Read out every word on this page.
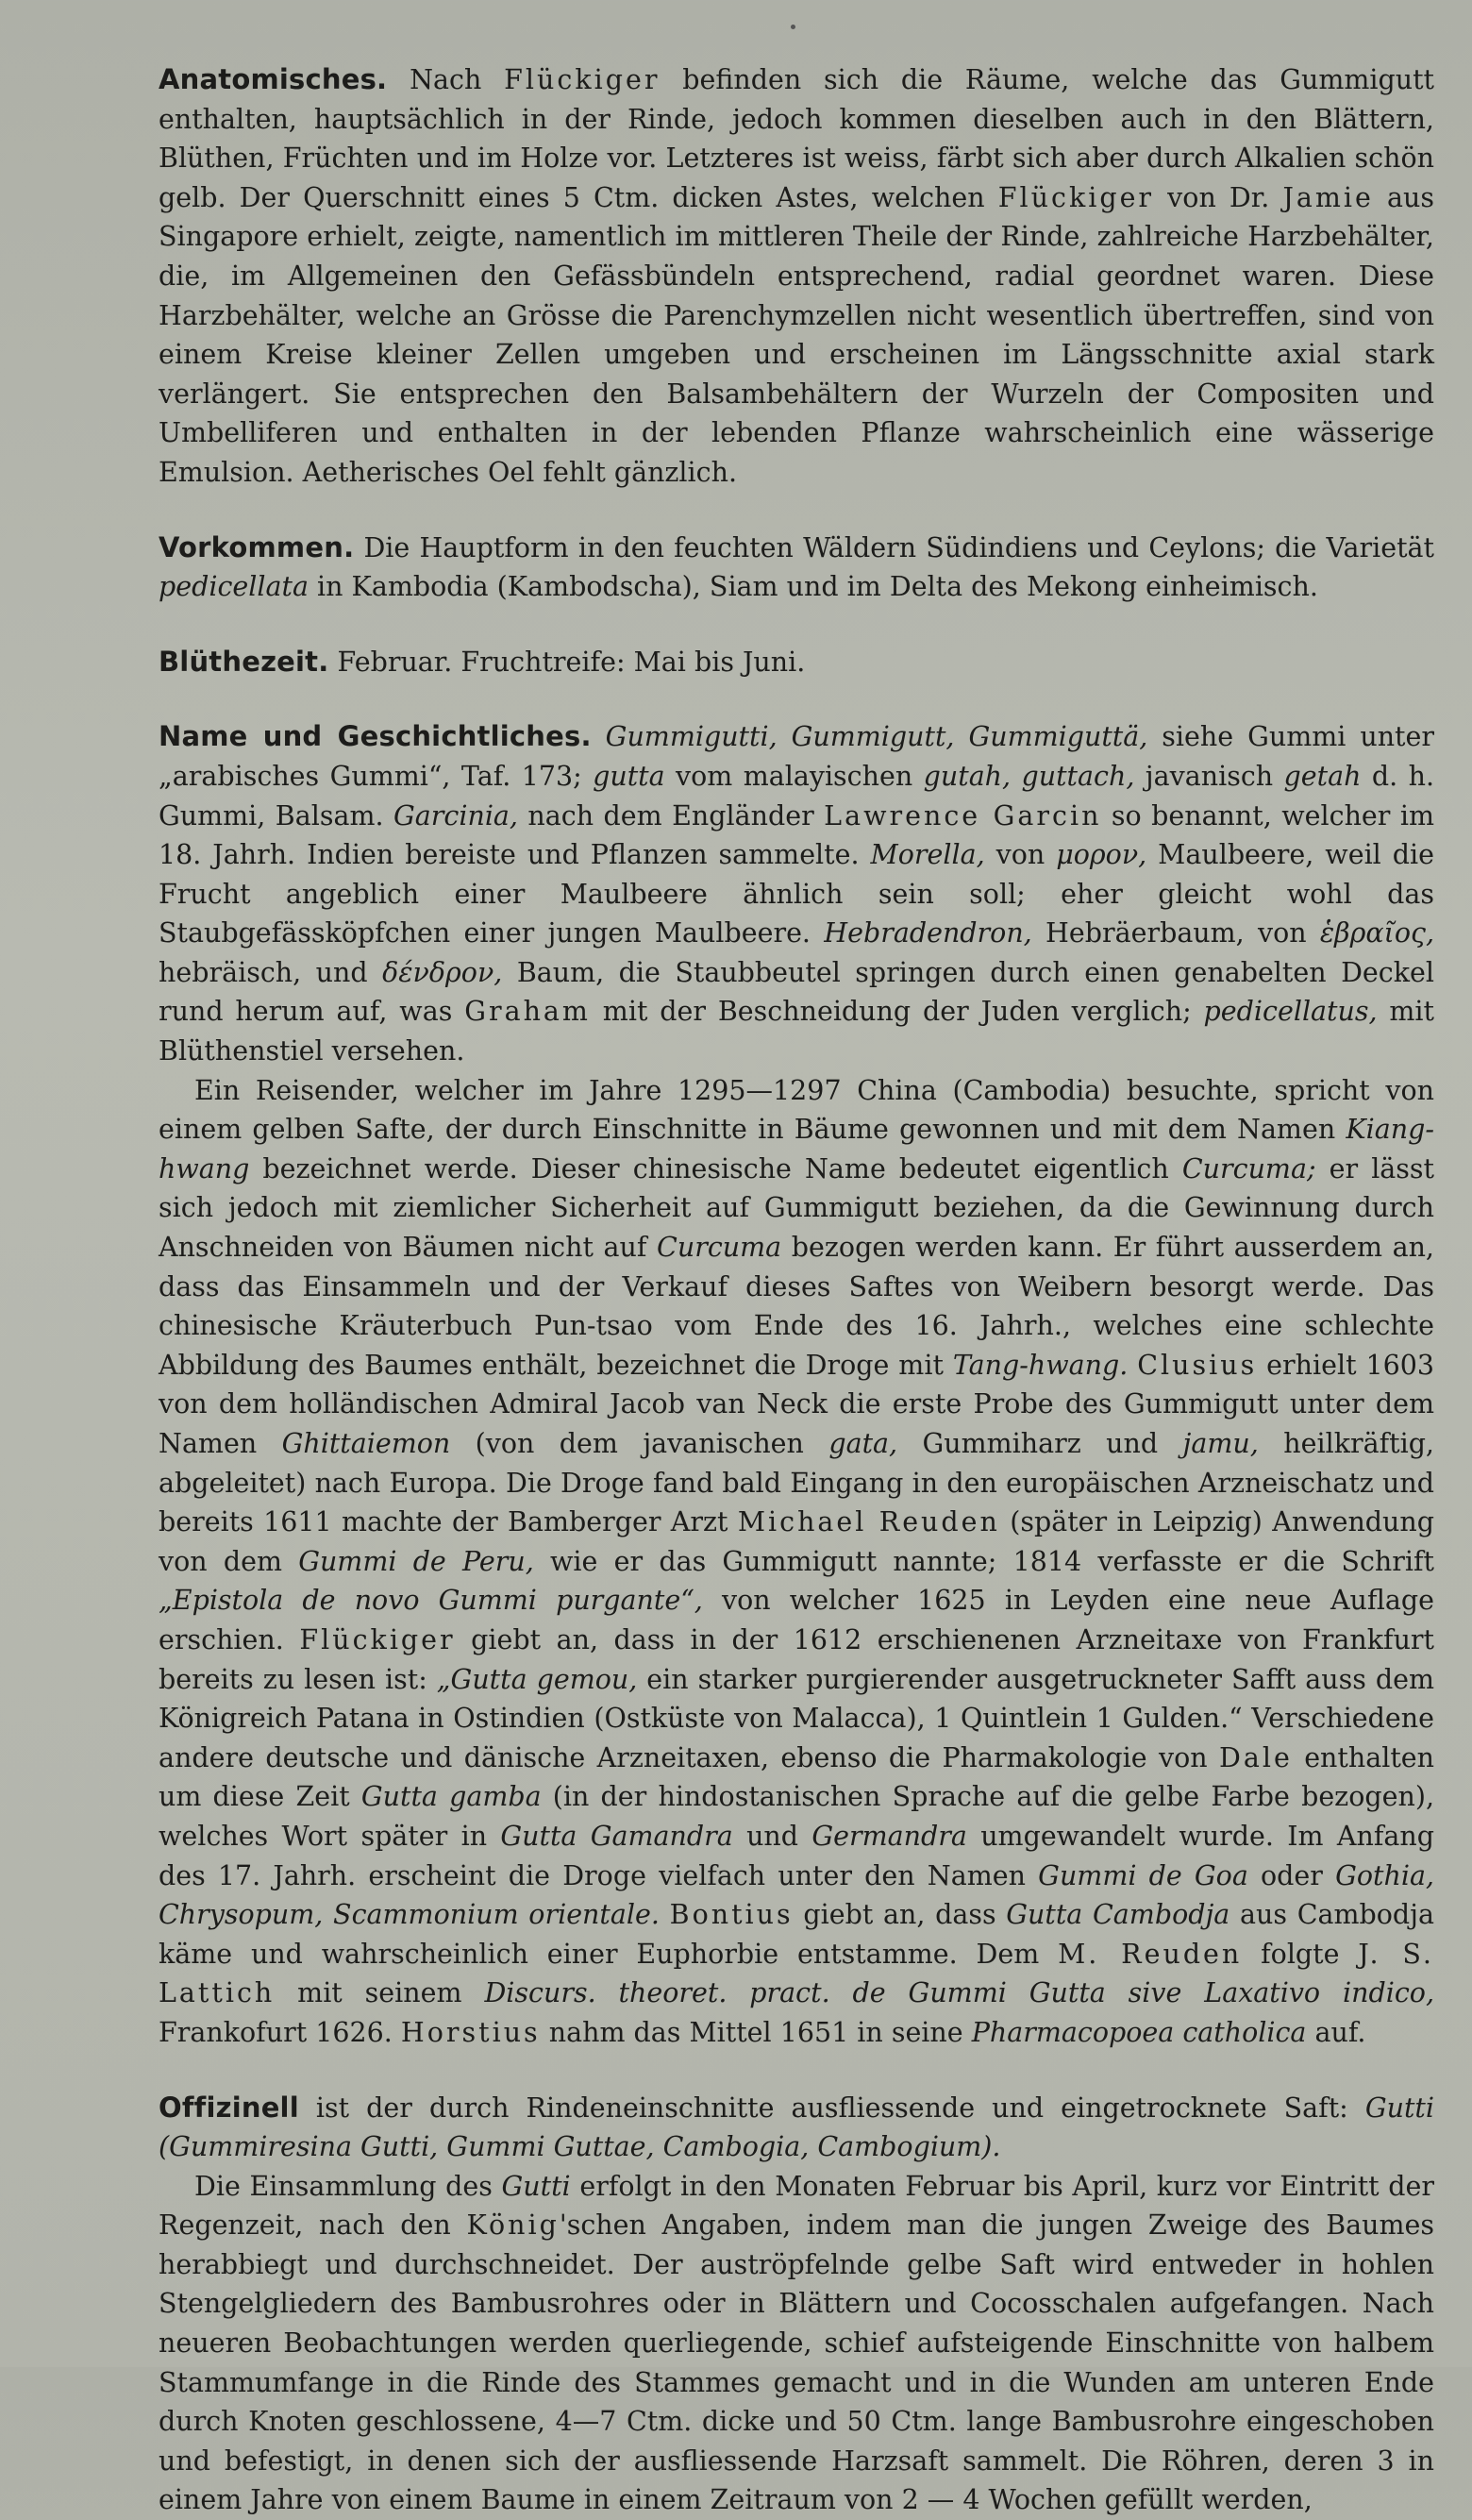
Anatomisches. Nach Flückiger befinden sich die Räume, welche das Gummigutt enthalten, hauptsächlich in der Rinde, jedoch kommen dieselben auch in den Blättern, Blüthen, Früchten und im Holze vor. Letzteres ist weiss, färbt sich aber durch Alkalien schön gelb. Der Querschnitt eines 5 Ctm. dicken Astes, welchen Flückiger von Dr. Jamie aus Singapore erhielt, zeigte, namentlich im mittleren Theile der Rinde, zahlreiche Harzbehälter, die, im Allgemeinen den Gefässbündeln entsprechend, radial geordnet waren. Diese Harzbehälter, welche an Grösse die Parenchymzellen nicht wesentlich übertreffen, sind von einem Kreise kleiner Zellen umgeben und erscheinen im Längsschnitte axial stark verlängert. Sie entsprechen den Balsambehältern der Wurzeln der Compositen und Umbelliferen und enthalten in der lebenden Pflanze wahrscheinlich eine wässerige Emulsion. Aetherisches Oel fehlt gänzlich.

Vorkommen. Die Hauptform in den feuchten Wäldern Südindiens und Ceylons; die Varietät pedicellata in Kambodia (Kambodscha), Siam und im Delta des Mekong einheimisch.

Blüthezeit. Februar. Fruchtreife: Mai bis Juni.

Name und Geschichtliches. Gummigutti, Gummigutt, Gummiguttä, siehe Gummi unter „arabisches Gummi“, Taf. 173; gutta vom malayischen gutah, guttach, javanisch getah d. h. Gummi, Balsam. Garcinia, nach dem Engländer Lawrence Garcin so benannt, welcher im 18. Jahrh. Indien bereiste und Pflanzen sammelte. Morella, von μορον, Maulbeere, weil die Frucht angeblich einer Maulbeere ähnlich sein soll; eher gleicht wohl das Staubgefässköpfchen einer jungen Maulbeere. Hebradendron, Hebräerbaum, von ἑβραῖος, hebräisch, und δένδρον, Baum, die Staubbeutel springen durch einen genabelten Deckel rund herum auf, was Graham mit der Beschneidung der Juden verglich; pedicellatus, mit Blüthenstiel versehen.

Ein Reisender, welcher im Jahre 1295—1297 China (Cambodia) besuchte, spricht von einem gelben Safte, der durch Einschnitte in Bäume gewonnen und mit dem Namen Kiang-hwang bezeichnet werde. Dieser chinesische Name bedeutet eigentlich Curcuma; er lässt sich jedoch mit ziemlicher Sicherheit auf Gummigutt beziehen, da die Gewinnung durch Anschneiden von Bäumen nicht auf Curcuma bezogen werden kann. Er führt ausserdem an, dass das Einsammeln und der Verkauf dieses Saftes von Weibern besorgt werde. Das chinesische Kräuterbuch Pun-tsao vom Ende des 16. Jahrh., welches eine schlechte Abbildung des Baumes enthält, bezeichnet die Droge mit Tang-hwang. Clusius erhielt 1603 von dem holländischen Admiral Jacob van Neck die erste Probe des Gummigutt unter dem Namen Ghittaiemon (von dem javanischen gata, Gummiharz und jamu, heilkräftig, abgeleitet) nach Europa. Die Droge fand bald Eingang in den europäischen Arzneischatz und bereits 1611 machte der Bamberger Arzt Michael Reuden (später in Leipzig) Anwendung von dem Gummi de Peru, wie er das Gummigutt nannte; 1814 verfasste er die Schrift „Epistola de novo Gummi purgante“, von welcher 1625 in Leyden eine neue Auflage erschien. Flückiger giebt an, dass in der 1612 erschienenen Arzneitaxe von Frankfurt bereits zu lesen ist: „Gutta gemou, ein starker purgierender ausgetruckneter Safft auss dem Königreich Patana in Ostindien (Ostküste von Malacca), 1 Quintlein 1 Gulden.“ Verschiedene andere deutsche und dänische Arzneitaxen, ebenso die Pharmakologie von Dale enthalten um diese Zeit Gutta gamba (in der hindostanischen Sprache auf die gelbe Farbe bezogen), welches Wort später in Gutta Gamandra und Germandra umgewandelt wurde. Im Anfang des 17. Jahrh. erscheint die Droge vielfach unter den Namen Gummi de Goa oder Gothia, Chrysopum, Scammonium orientale. Bontius giebt an, dass Gutta Cambodja aus Cambodja käme und wahrscheinlich einer Euphorbie entstamme. Dem M. Reuden folgte J. S. Lattich mit seinem Discurs. theoret. pract. de Gummi Gutta sive Laxativo indico, Frankofurt 1626. Horstius nahm das Mittel 1651 in seine Pharmacopoea catholica auf.

Offizinell ist der durch Rindeneinschnitte ausfliessende und eingetrocknete Saft: Gutti (Gummiresina Gutti, Gummi Guttae, Cambogia, Cambogium).

Die Einsammlung des Gutti erfolgt in den Monaten Februar bis April, kurz vor Eintritt der Regenzeit, nach den König'schen Angaben, indem man die jungen Zweige des Baumes herabbiegt und durchschneidet. Der auströpfelnde gelbe Saft wird entweder in hohlen Stengelgliedern des Bambusrohres oder in Blättern und Cocosschalen aufgefangen. Nach neueren Beobachtungen werden querliegende, schief aufsteigende Einschnitte von halbem Stammumfange in die Rinde des Stammes gemacht und in die Wunden am unteren Ende durch Knoten geschlossene, 4—7 Ctm. dicke und 50 Ctm. lange Bambusrohre eingeschoben und befestigt, in denen sich der ausfliessende Harzsaft sammelt. Die Röhren, deren 3 in einem Jahre von einem Baume in einem Zeitraum von 2 — 4 Wochen gefüllt werden,
